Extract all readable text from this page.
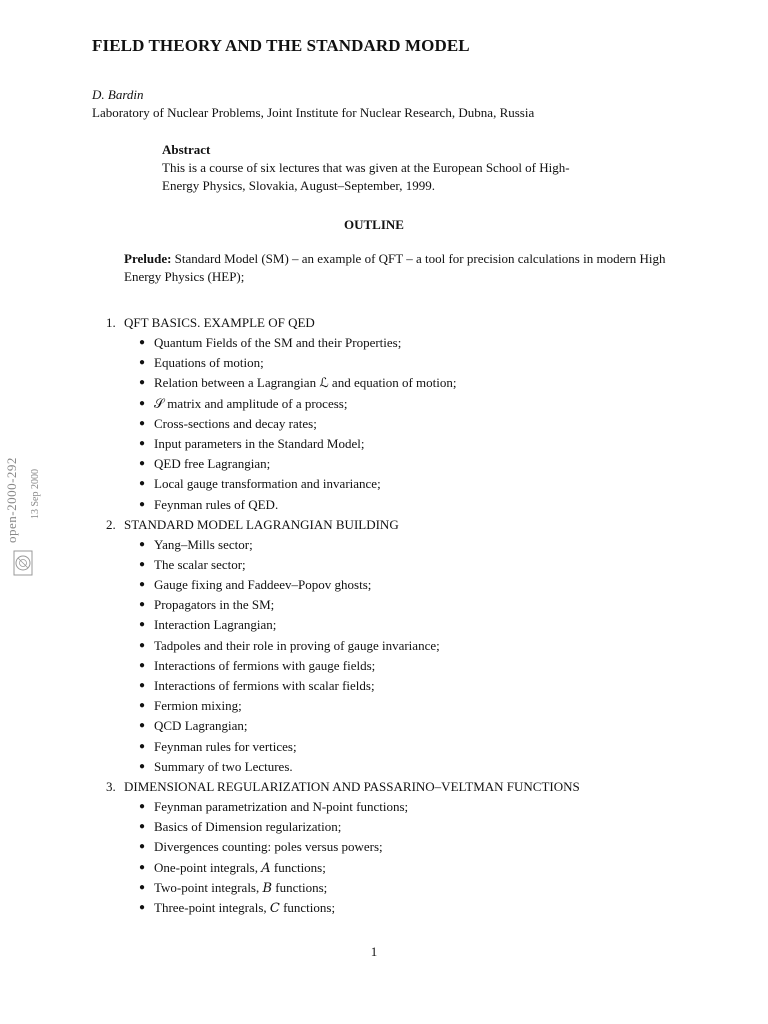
FIELD THEORY AND THE STANDARD MODEL
D. Bardin
Laboratory of Nuclear Problems, Joint Institute for Nuclear Research, Dubna, Russia
Abstract
This is a course of six lectures that was given at the European School of High-
Energy Physics, Slovakia, August–September, 1999.
OUTLINE
Prelude: Standard Model (SM) – an example of QFT – a tool for precision calculations in modern High Energy Physics (HEP);
1. QFT BASICS. EXAMPLE OF QED
● Quantum Fields of the SM and their Properties;
● Equations of motion;
● Relation between a Lagrangian ℒ and equation of motion;
● 𝒮 matrix and amplitude of a process;
● Cross-sections and decay rates;
● Input parameters in the Standard Model;
● QED free Lagrangian;
● Local gauge transformation and invariance;
● Feynman rules of QED.
2. STANDARD MODEL LAGRANGIAN BUILDING
● Yang–Mills sector;
● The scalar sector;
● Gauge fixing and Faddeev–Popov ghosts;
● Propagators in the SM;
● Interaction Lagrangian;
● Tadpoles and their role in proving of gauge invariance;
● Interactions of fermions with gauge fields;
● Interactions of fermions with scalar fields;
● Fermion mixing;
● QCD Lagrangian;
● Feynman rules for vertices;
● Summary of two Lectures.
3. DIMENSIONAL REGULARIZATION AND PASSARINO–VELTMAN FUNCTIONS
● Feynman parametrization and N-point functions;
● Basics of Dimension regularization;
● Divergences counting: poles versus powers;
● One-point integrals, 𝐴 functions;
● Two-point integrals, 𝐵 functions;
● Three-point integrals, 𝐶 functions;
1
open-2000-292 13 Sep 2000
